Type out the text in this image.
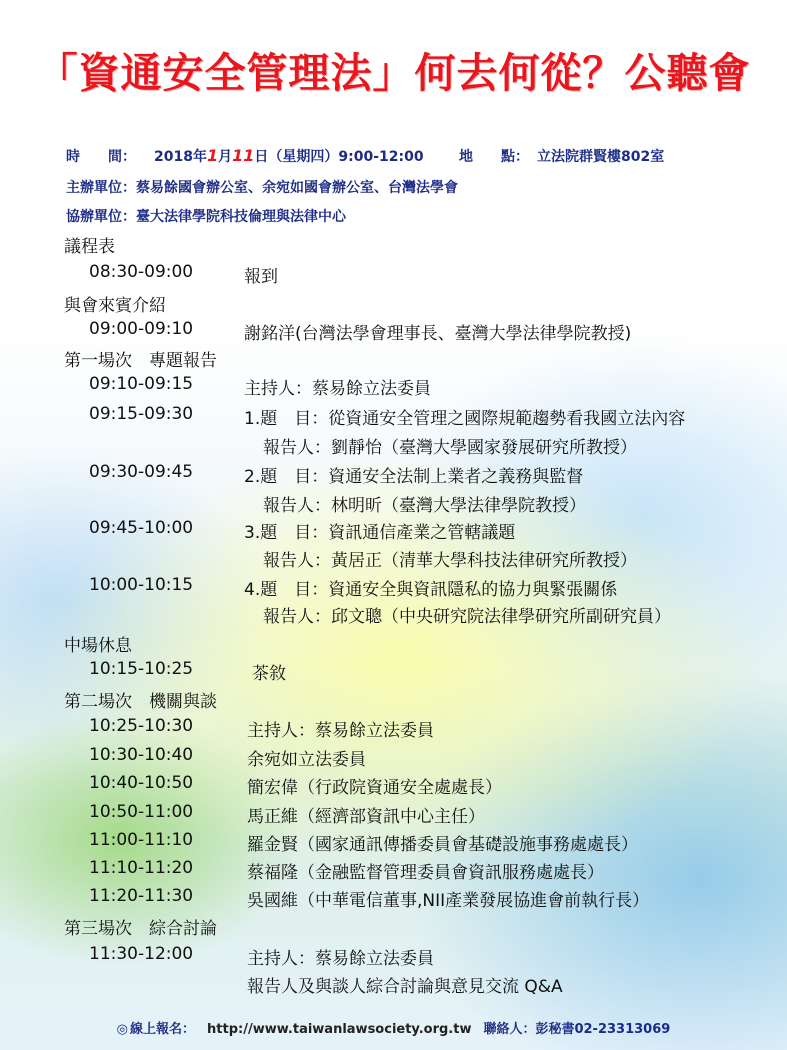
「資通安全管理法」何去何從？公聽會
時　　間： 2018年1月11日（星期四）9:00-12:00	地　　點： 立法院群賢樓802室
主辦單位：蔡易餘國會辦公室、余宛如國會辦公室、台灣法學會
協辦單位：臺大法律學院科技倫理與法律中心
議程表
08:30-09:00	報到
與會來賓介紹
09:00-09:10	謝銘洋(台灣法學會理事長、臺灣大學法律學院教授)
第一場次　專題報告
09:10-09:15	主持人：蔡易餘立法委員
09:15-09:30	1.題　目：從資通安全管理之國際規範趨勢看我國立法內容
報告人：劉靜怡（臺灣大學國家發展研究所教授）
09:30-09:45	2.題　目：資通安全法制上業者之義務與監督
報告人：林明昕（臺灣大學法律學院教授）
09:45-10:00	3.題　目：資訊通信產業之管轄議題
報告人：黃居正（清華大學科技法律研究所教授）
10:00-10:15	4.題　目：資通安全與資訊隱私的協力與緊張關係
報告人：邱文聰（中央研究院法律學研究所副研究員）
中場休息
10:15-10:25	茶敘
第二場次　機關與談
10:25-10:30	主持人：蔡易餘立法委員
10:30-10:40	余宛如立法委員
10:40-10:50	簡宏偉（行政院資通安全處處長）
10:50-11:00	馬正維（經濟部資訊中心主任）
11:00-11:10	羅金賢（國家通訊傳播委員會基礎設施事務處處長）
11:10-11:20	蔡福隆（金融監督管理委員會資訊服務處處長）
11:20-11:30	吳國維（中華電信董事,NII產業發展協進會前執行長）
第三場次　綜合討論
11:30-12:00	主持人：蔡易餘立法委員
報告人及與談人綜合討論與意見交流 Q&A
◎ 線上報名： http://www.taiwanlawsociety.org.tw 聯絡人：彭秘書02-23313069
